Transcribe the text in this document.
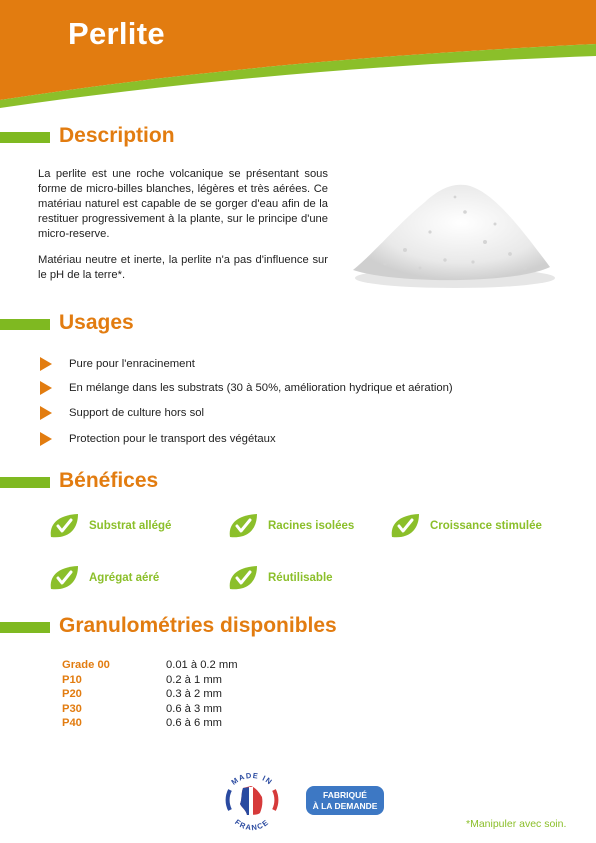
Perlite
Description
La perlite est une roche volcanique se présentant sous forme de micro-billes blanches, légères et très aérées. Ce matériau naturel est capable de se gorger d'eau afin de la restituer progressivement à la plante, sur le principe d'une micro-reserve.
Matériau neutre et inerte, la perlite n'a pas d'influence sur le pH de la terre*.
Usages
Pure pour l'enracinement
En mélange dans les substrats (30 à 50%, amélioration hydrique et aération)
Support de culture hors sol
Protection pour le transport des végétaux
Bénéfices
Substrat allégé	Racines isolées	Croissance stimulée
Agrégat aéré	Réutilisable
Granulométries disponibles
Grade 00	0.01 à 0.2 mm
P10	0.2 à 1 mm
P20	0.3 à 2 mm
P30	0.6 à 3 mm
P40	0.6 à 6 mm
MADE IN
FRANCE
FABRIQUÉ
À LA DEMANDE
*Manipuler avec soin.
